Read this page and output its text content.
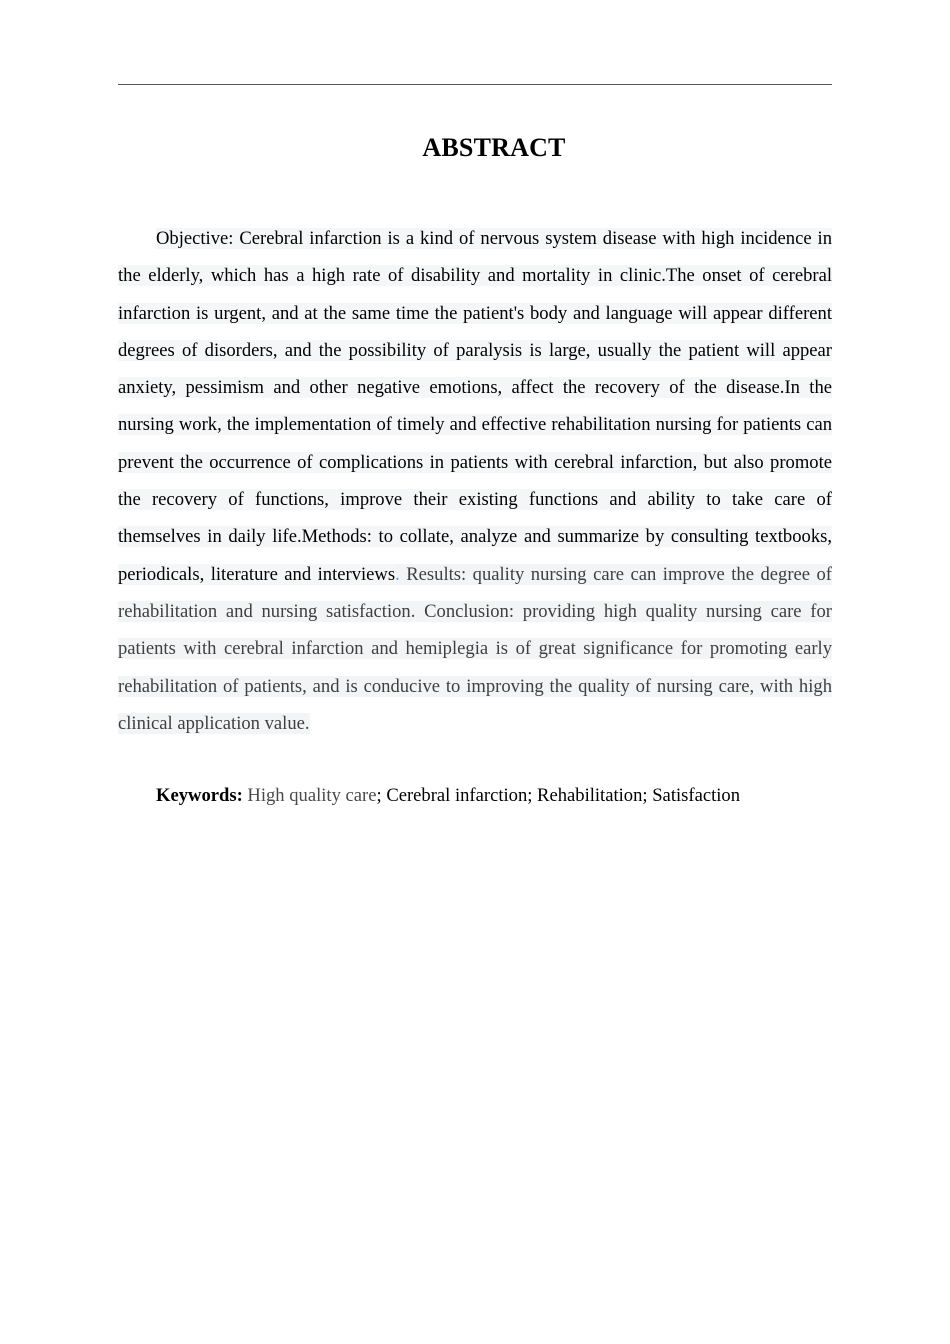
ABSTRACT

Objective: Cerebral infarction is a kind of nervous system disease with high incidence in the elderly, which has a high rate of disability and mortality in clinic.The onset of cerebral infarction is urgent, and at the same time the patient's body and language will appear different degrees of disorders, and the possibility of paralysis is large, usually the patient will appear anxiety, pessimism and other negative emotions, affect the recovery of the disease.In the nursing work, the implementation of timely and effective rehabilitation nursing for patients can prevent the occurrence of complications in patients with cerebral infarction, but also promote the recovery of functions, improve their existing functions and ability to take care of themselves in daily life.Methods: to collate, analyze and summarize by consulting textbooks, periodicals, literature and interviews. Results: quality nursing care can improve the degree of rehabilitation and nursing satisfaction. Conclusion: providing high quality nursing care for patients with cerebral infarction and hemiplegia is of great significance for promoting early rehabilitation of patients, and is conducive to improving the quality of nursing care, with high clinical application value.

Keywords: High quality care; Cerebral infarction; Rehabilitation; Satisfaction
